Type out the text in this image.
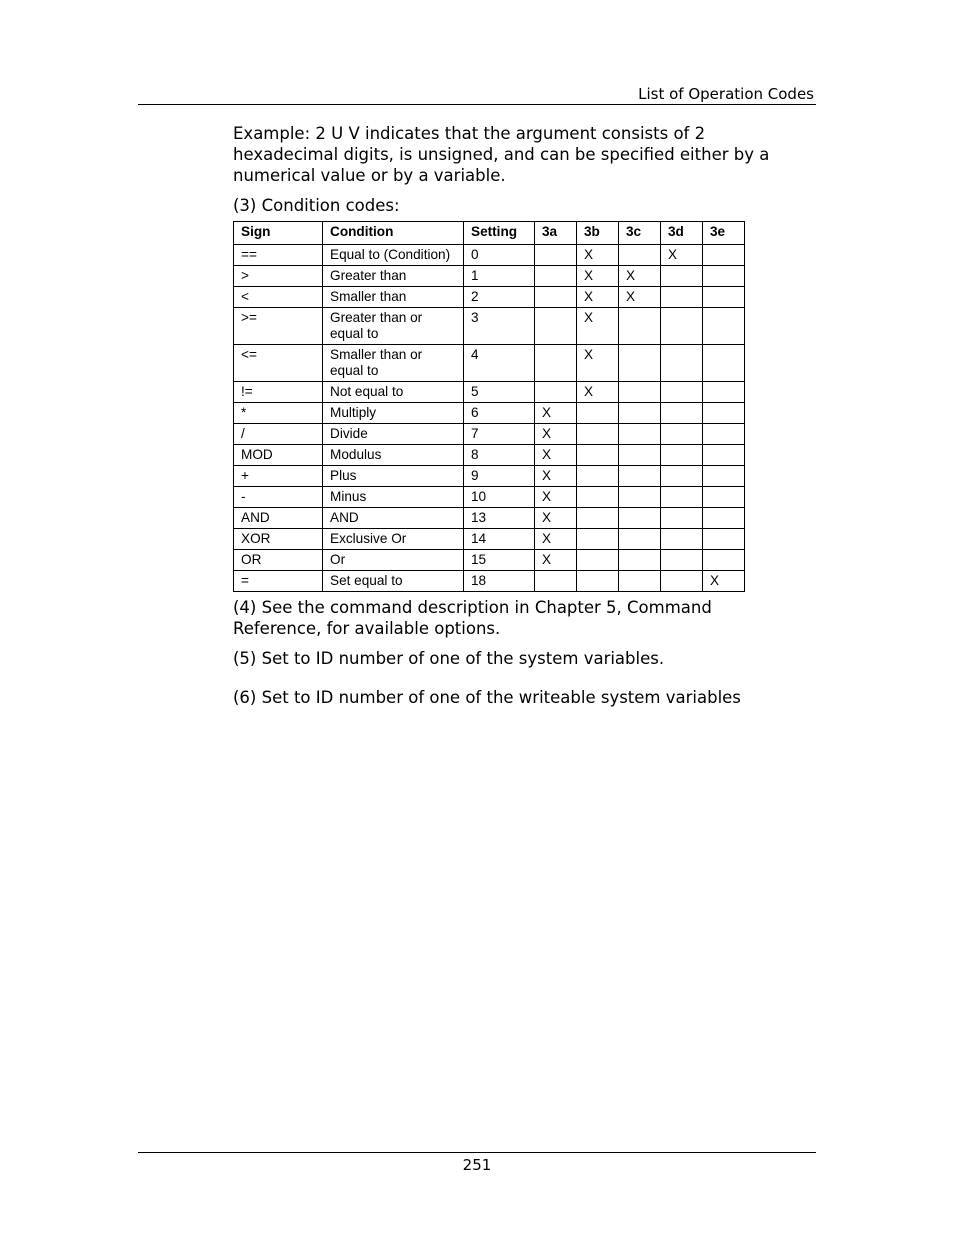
List of Operation Codes

Example: 2 U V indicates that the argument consists of 2 hexadecimal digits, is unsigned, and can be specified either by a numerical value or by a variable.

(3) Condition codes:

Sign	Condition	Setting	3a	3b	3c	3d	3e
==	Equal to (Condition)	0		X		X	
>	Greater than	1		X	X		
<	Smaller than	2		X	X		
>=	Greater than or equal to	3		X			
<=	Smaller than or equal to	4		X			
!=	Not equal to	5		X			
*	Multiply	6	X				
/	Divide	7	X				
MOD	Modulus	8	X				
+	Plus	9	X				
-	Minus	10	X				
AND	AND	13	X				
XOR	Exclusive Or	14	X				
OR	Or	15	X				
=	Set equal to	18					X

(4) See the command description in Chapter 5, Command Reference, for available options.

(5) Set to ID number of one of the system variables.

(6) Set to ID number of one of the writeable system variables

251
